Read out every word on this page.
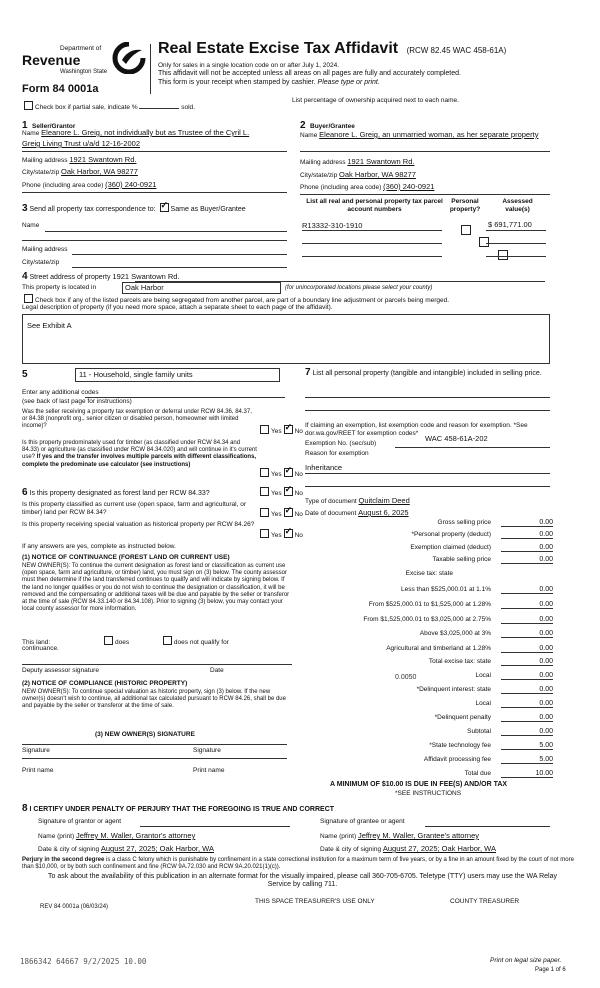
Department of
Revenue
Washington State
Form 84 0001a
Real Estate Excise Tax Affidavit (RCW 82.45 WAC 458-61A)
Only for sales in a single location code on or after July 1, 2024.
This affidavit will not be accepted unless all areas on all pages are fully and accurately completed.
This form is your receipt when stamped by cashier. Please type or print.
Check box if partial sale, indicate %	sold.
List percentage of ownership acquired next to each name.
1 Seller/Grantor
Name Eleanore L. Greig, not individually but as Trustee of the Cyril L.
Greig Living Trust u/a/d 12-16-2002
Mailing address 1921 Swantown Rd.
City/state/zip Oak Harbor, WA 98277
Phone (including area code) (360) 240-0921
2 Buyer/Grantee
Name Eleanore L. Greig, an unmarried woman, as her separate property
Mailing address 1921 Swantown Rd.
City/state/zip Oak Harbor, WA 98277
Phone (including area code) (360) 240-0921
3 Send all property tax correspondence to: ✓ Same as Buyer/Grantee
Name
Mailing address
City/state/zip
List all real and personal property tax parcel account numbers
Personal property?
Assessed value(s)
R13332-310-1910
	$ 691,771.00
4 Street address of property 1921 Swantown Rd.
This property is located in	Oak Harbor	(for unincorporated locations please select your county)
Check box if any of the listed parcels are being segregated from another parcel, are part of a boundary line adjustment or parcels being merged.
Legal description of property (if you need more space, attach a separate sheet to each page of the affidavit).
See Exhibit A
5	11 - Household, single family units
Enter any additional codes
(see back of last page for instructions)
Was the seller receiving a property tax exemption or deferral under RCW 84.36, 84.37, or 84.38 (nonprofit org., senior citizen or disabled person, homeowner with limited income)?
Yes ✓ No
Is this property predominately used for timber (as classified under RCW 84.34 and 84.33) or agriculture (as classified under RCW 84.34.020) and will continue in it's current use? If yes and the transfer involves multiple parcels with different classifications, complete the predominate use calculator (see instructions)
Yes ✓ No
6 Is this property designated as forest land per RCW 84.33?	Yes ✓ No
Is this property classified as current use (open space, farm and agricultural, or timber) land per RCW 84.34?	Yes ✓ No
Is this property receiving special valuation as historical property per RCW 84.26?
Yes ✓ No
If any answers are yes, complete as instructed below.
(1) NOTICE OF CONTINUANCE (FOREST LAND OR CURRENT USE)
NEW OWNER(S): To continue the current designation as forest land or classification as current use (open space, farm and agriculture, or timber) land, you must sign on (3) below. The county assessor must then determine if the land transferred continues to qualify and will indicate by signing below. If the land no longer qualifies or you do not wish to continue the designation or classification, it will be removed and the compensating or additional taxes will be due and payable by the seller or transferor at the time of sale (RCW 84.33.140 or 84.34.108). Prior to signing (3) below, you may contact your local county assessor for more information.
This land:	does	does not qualify for
continuance.
Deputy assessor signature	Date
(2) NOTICE OF COMPLIANCE (HISTORIC PROPERTY)
NEW OWNER(S): To continue special valuation as historic property, sign (3) below. If the new owner(s) doesn't wish to continue, all additional tax calculated pursuant to RCW 84.26, shall be due and payable by the seller or transferor at the time of sale.
(3) NEW OWNER(S) SIGNATURE
Signature	Signature
Print name	Print name
7 List all personal property (tangible and intangible) included in selling price.
If claiming an exemption, list exemption code and reason for exemption. *See dor.wa.gov/REET for exemption codes*
Exemption No. (sec/sub)
WAC 458-61A-202
Reason for exemption
Inheritance
Type of document Quitclaim Deed
Date of document August 6, 2025
Gross selling price	0.00
*Personal property (deduct)	0.00
Exemption claimed (deduct)	0.00
Taxable selling price	0.00
Excise tax: state
Less than $525,000.01 at 1.1%	0.00
From $525,000.01 to $1,525,000 at 1.28%	0.00
From $1,525,000.01 to $3,025,000 at 2.75%	0.00
Above $3,025,000 at 3%	0.00
Agricultural and timberland at 1.28%	0.00
Total excise tax: state	0.00
0.0050	Local	0.00
*Delinquent interest: state	0.00
Local	0.00
*Delinquent penalty	0.00
Subtotal	0.00
*State technology fee	5.00
Affidavit processing fee	5.00
Total due	10.00
A MINIMUM OF $10.00 IS DUE IN FEE(S) AND/OR TAX
*SEE INSTRUCTIONS
8 I CERTIFY UNDER PENALTY OF PERJURY THAT THE FOREGOING IS TRUE AND CORRECT
Signature of grantor or agent
Name (print) Jeffrey M. Waller, Grantor's attorney
Date & city of signing August 27, 2025; Oak Harbor, WA
Signature of grantee or agent
Name (print) Jeffrey M. Waller, Grantee's attorney
Date & city of signing August 27, 2025; Oak Harbor, WA
Perjury in the second degree is a class C felony which is punishable by confinement in a state correctional institution for a maximum term of five years, or by a fine in an amount fixed by the court of not more than $10,000, or by both such confinement and fine (RCW 9A.72.030 and RCW 9A.20.021(1)(c)).
To ask about the availability of this publication in an alternate format for the visually impaired, please call 360-705-6705. Teletype (TTY) users may use the WA Relay Service by calling 711.
REV 84 0001a (06/03/24)
THIS SPACE TREASURER'S USE ONLY	COUNTY TREASURER
1866342 64667 9/2/2025 10.00	Print on legal size paper.
Page 1 of 6
